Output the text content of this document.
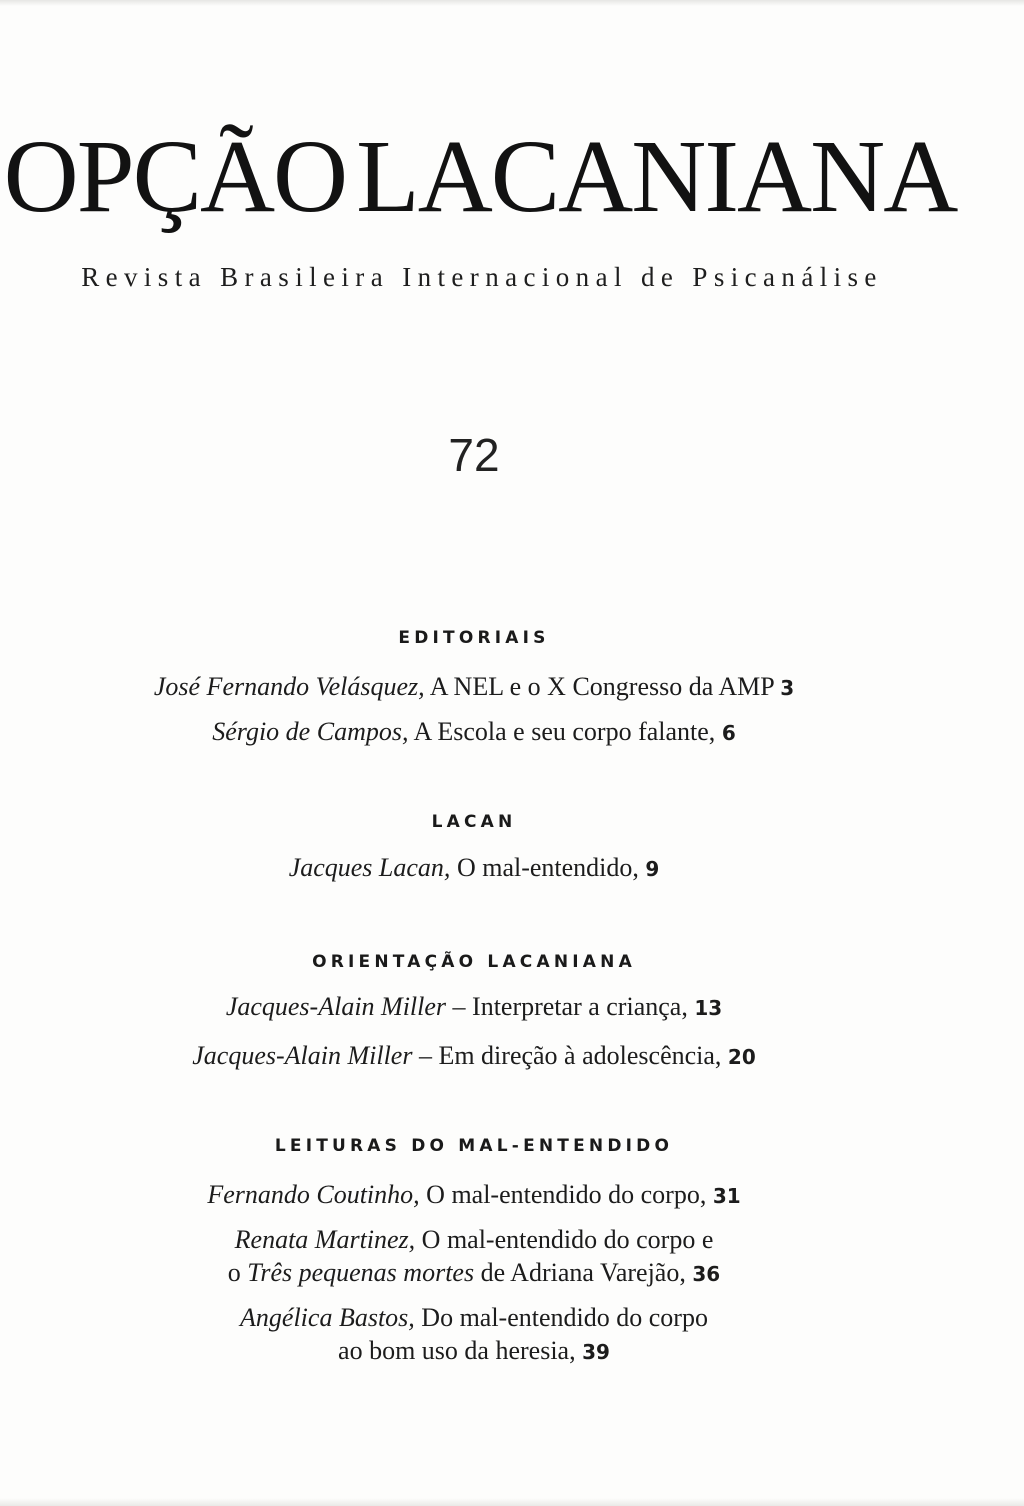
OPÇÃOLACANIANA
Revista Brasileira Internacional de Psicanálise
72
EDITORIAIS
José Fernando Velásquez, A NEL e o X Congresso da AMP 3
Sérgio de Campos, A Escola e seu corpo falante, 6
LACAN
Jacques Lacan, O mal-entendido, 9
ORIENTAÇÃO LACANIANA
Jacques-Alain Miller – Interpretar a criança, 13
Jacques-Alain Miller – Em direção à adolescência, 20
LEITURAS DO MAL-ENTENDIDO
Fernando Coutinho, O mal-entendido do corpo, 31
Renata Martinez, O mal-entendido do corpo e
o Três pequenas mortes de Adriana Varejão, 36
Angélica Bastos, Do mal-entendido do corpo
ao bom uso da heresia, 39
